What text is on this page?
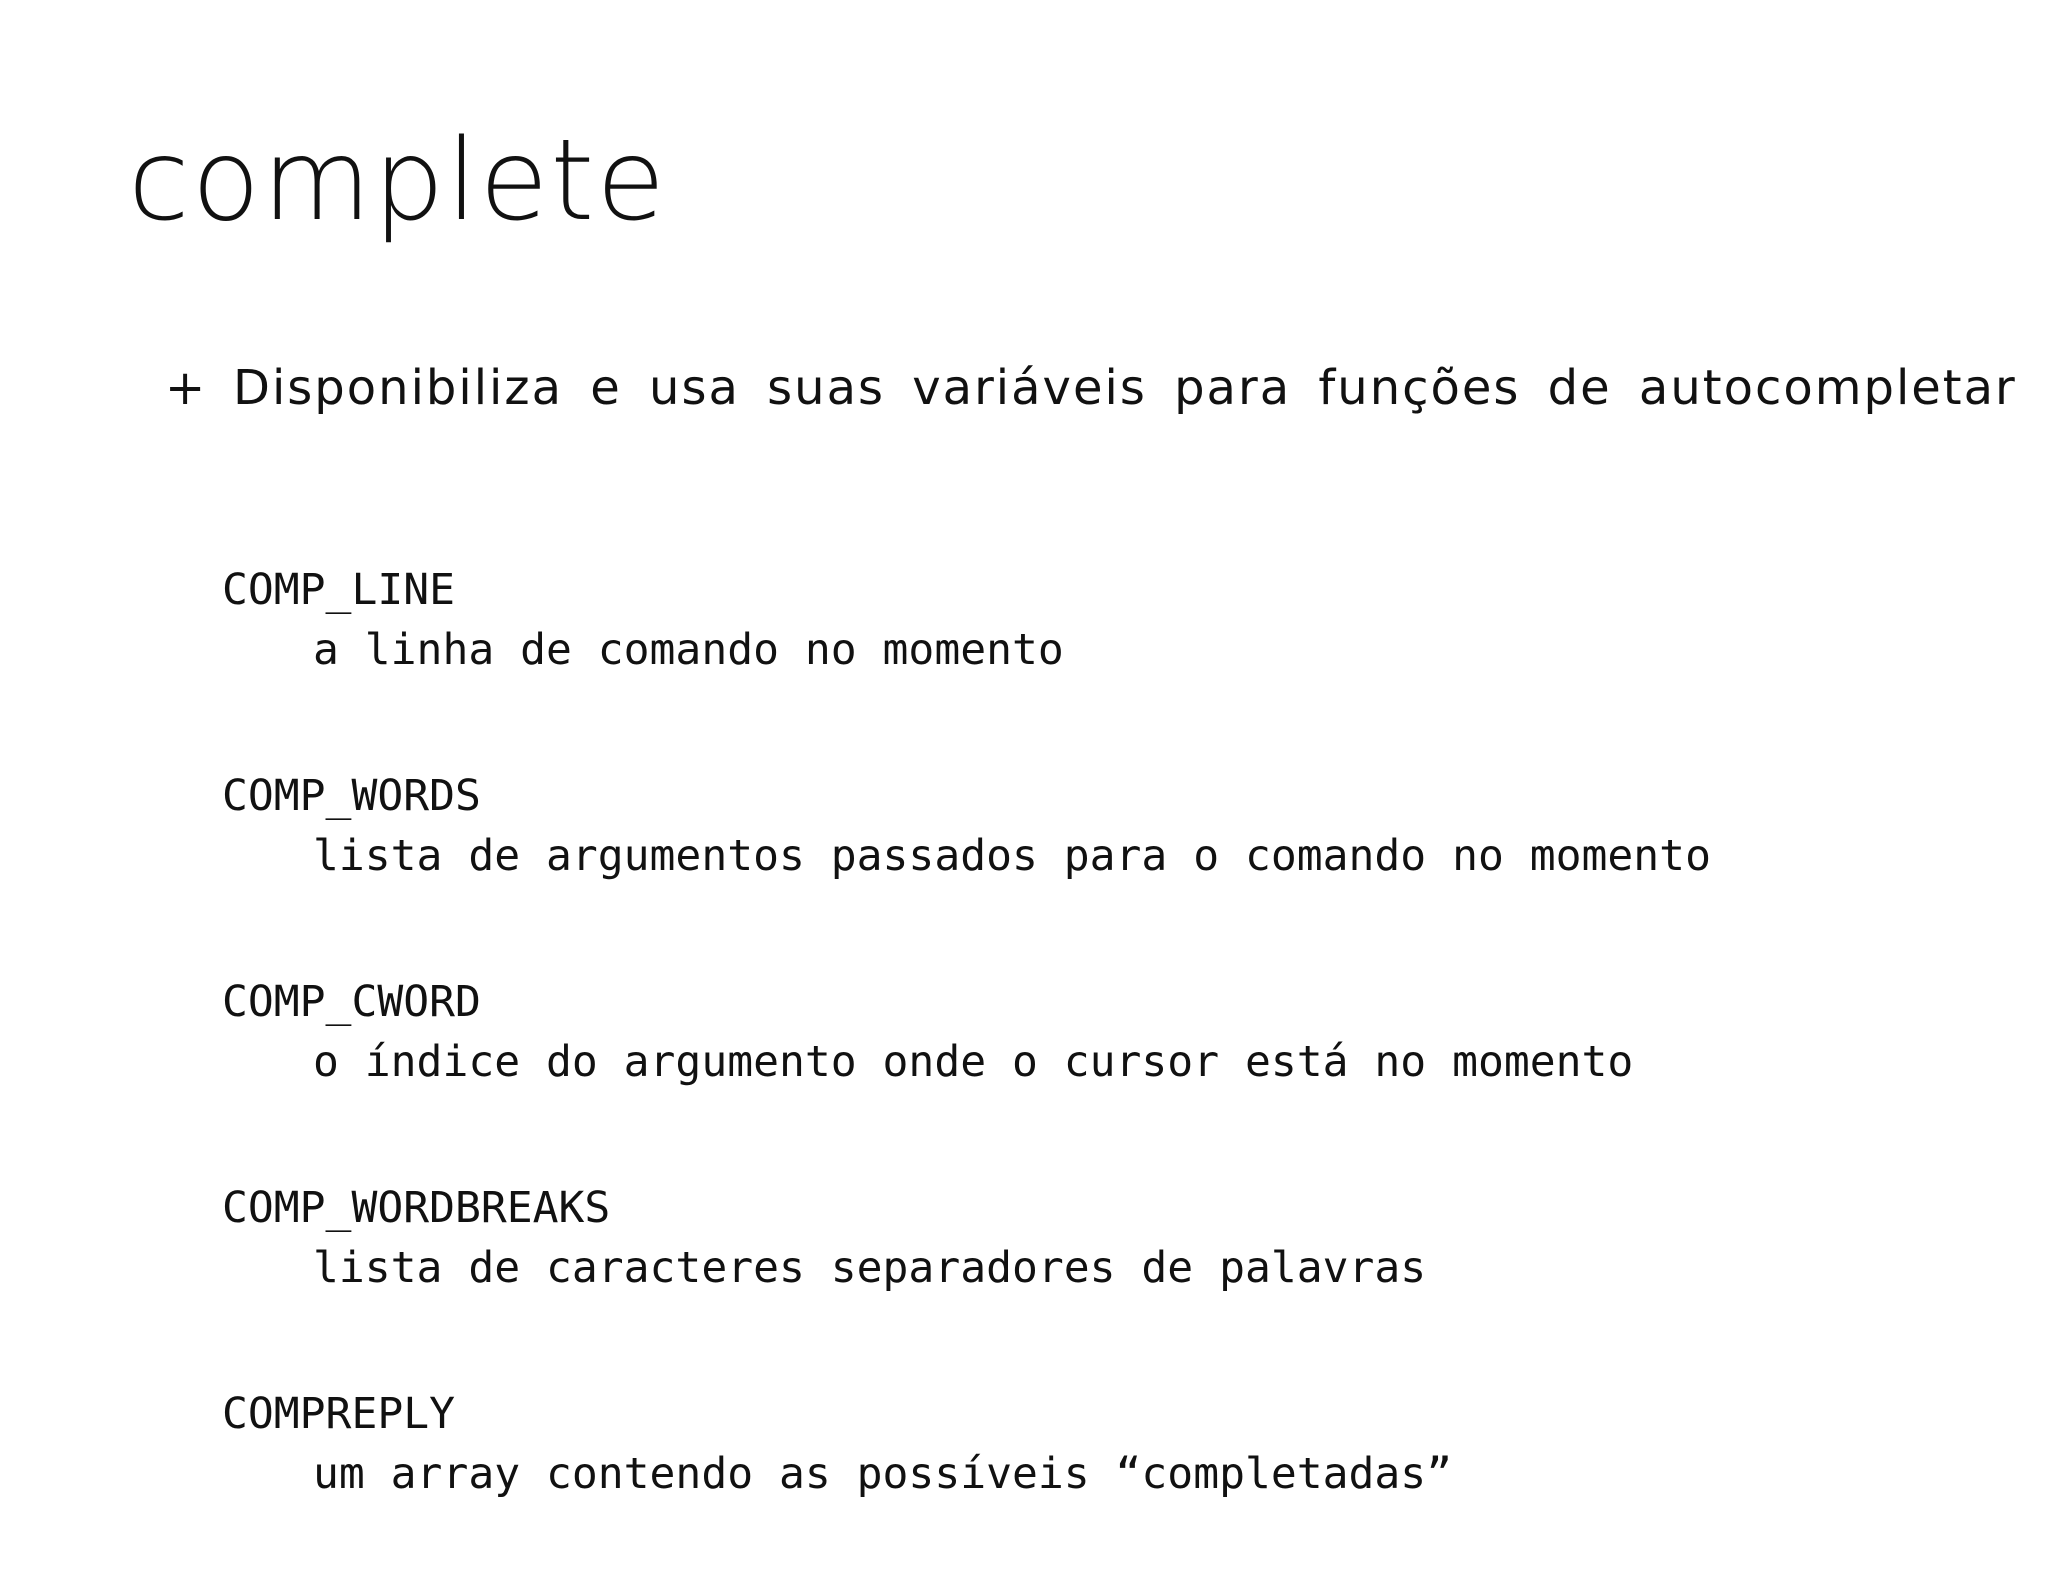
complete
+ Disponibiliza e usa suas variáveis para funções de autocompletar
COMP_LINE
a linha de comando no momento
COMP_WORDS
lista de argumentos passados para o comando no momento
COMP_CWORD
o índice do argumento onde o cursor está no momento
COMP_WORDBREAKS
lista de caracteres separadores de palavras
COMPREPLY
um array contendo as possíveis “completadas”
